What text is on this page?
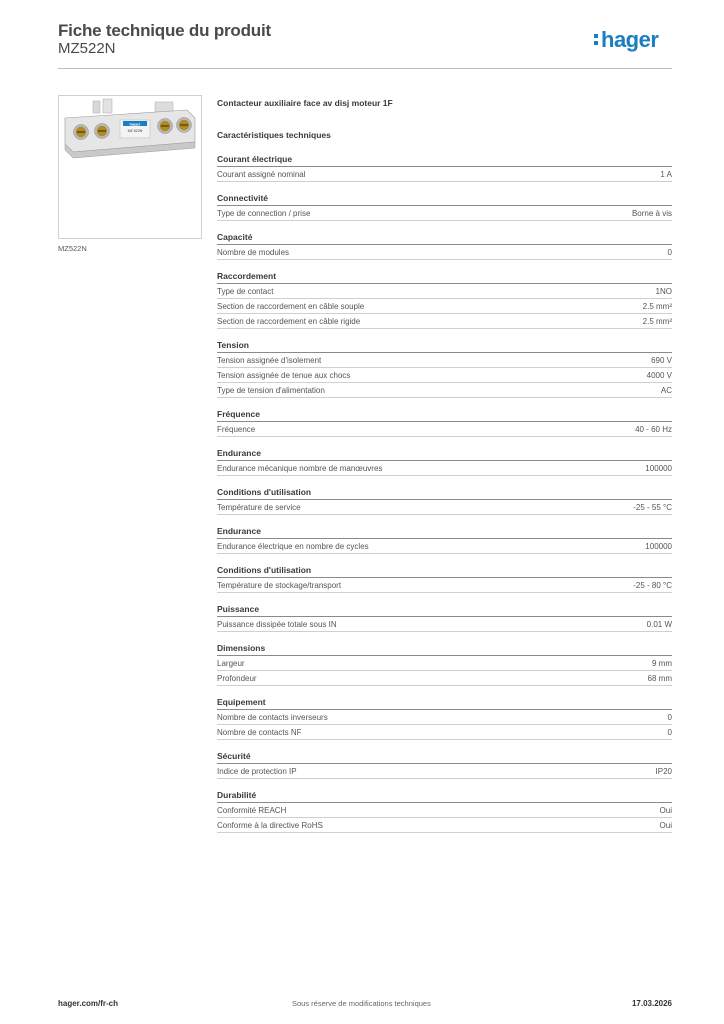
Fiche technique du produit
MZ522N	hager
hager
MZ 522N
MZ522N
Contacteur auxiliaire face av disj moteur 1F
Caractéristiques techniques
Courant électrique
Courant assigné nominal	1 A
Connectivité
Type de connection / prise	Borne à vis
Capacité
Nombre de modules	0
Raccordement
Type de contact	1NO
Section de raccordement en câble souple	2.5 mm²
Section de raccordement en câble rigide	2.5 mm²
Tension
Tension assignée d'isolement	690 V
Tension assignée de tenue aux chocs	4000 V
Type de tension d'alimentation	AC
Fréquence
Fréquence	40 - 60 Hz
Endurance
Endurance mécanique nombre de manœuvres	100000
Conditions d'utilisation
Température de service	-25 - 55 °C
Endurance
Endurance électrique en nombre de cycles	100000
Conditions d'utilisation
Température de stockage/transport	-25 - 80 °C
Puissance
Puissance dissipée totale sous IN	0.01 W
Dimensions
Largeur	9 mm
Profondeur	68 mm
Equipement
Nombre de contacts inverseurs	0
Nombre de contacts NF	0
Sécurité
Indice de protection IP	IP20
Durabilité
Conformité REACH	Oui
Conforme à la directive RoHS	Oui
hager.com/fr-ch	Sous réserve de modifications techniques	17.03.2026
